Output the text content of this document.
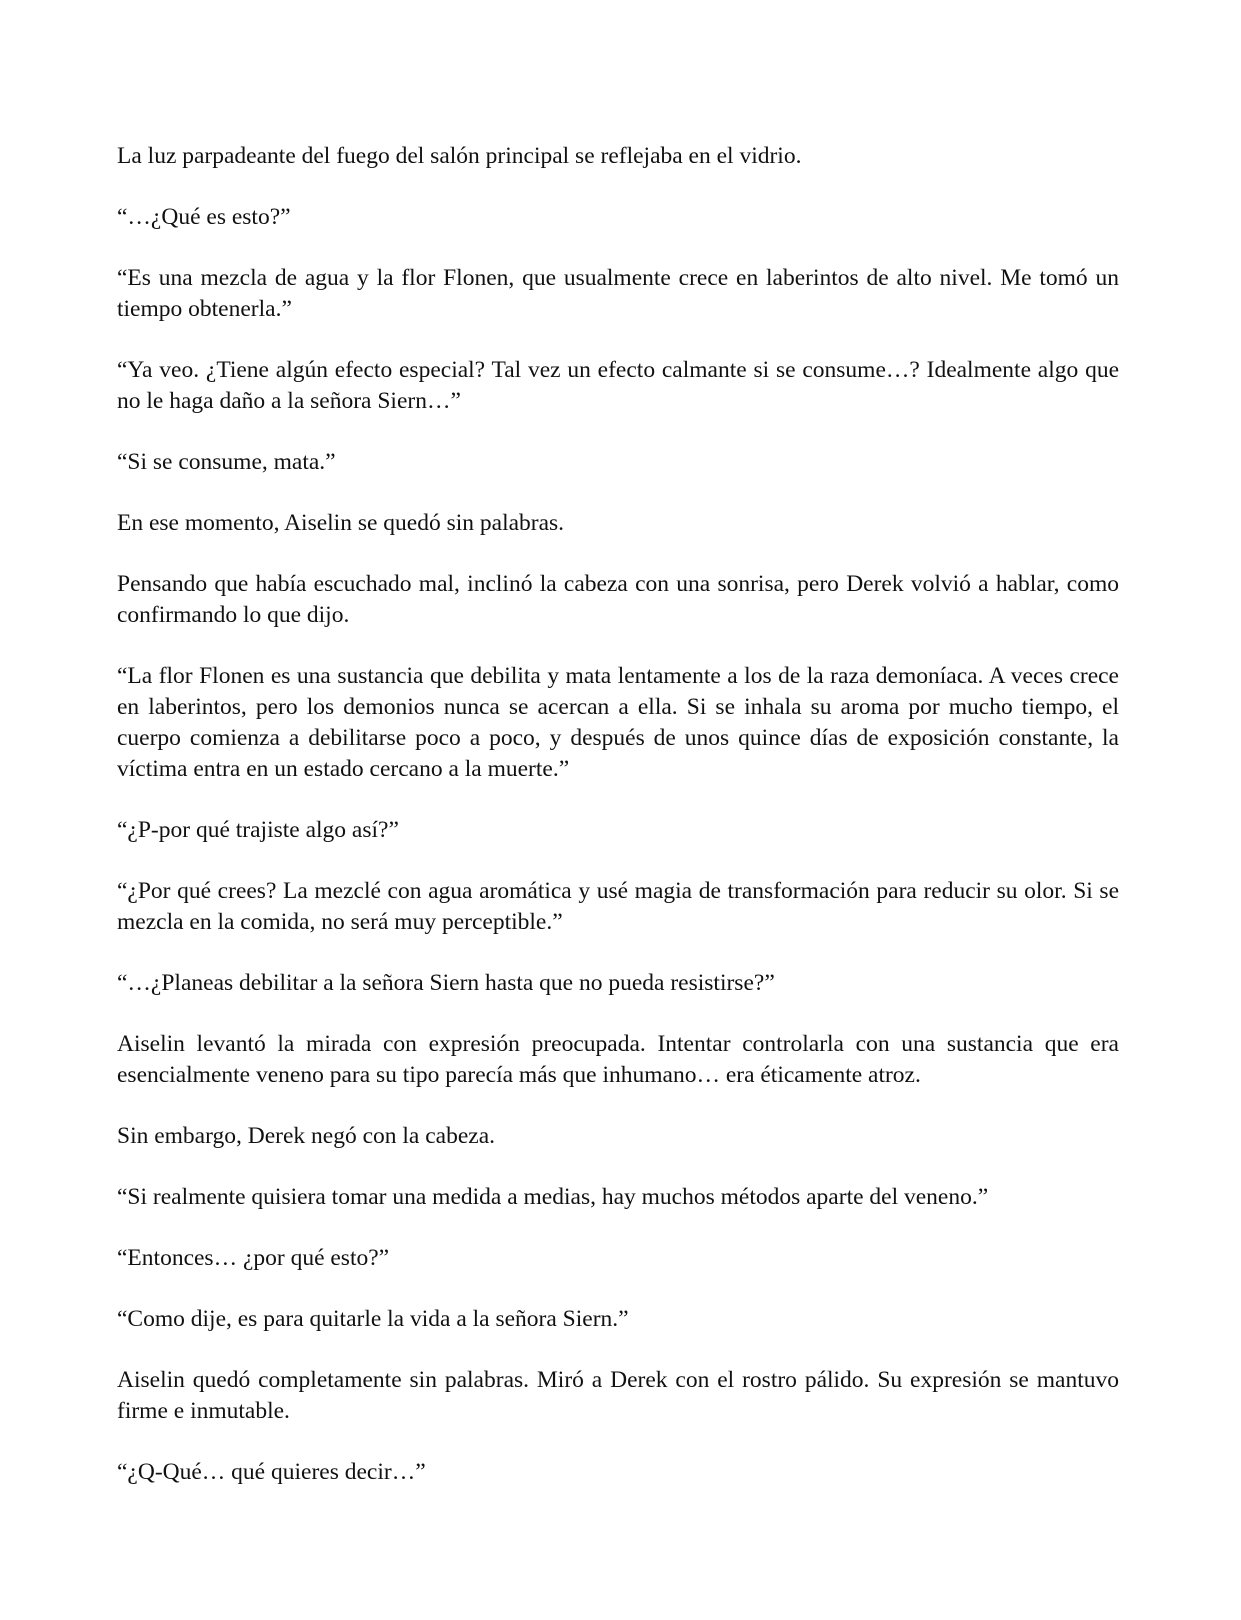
La luz parpadeante del fuego del salón principal se reflejaba en el vidrio.

“…¿Qué es esto?”

“Es una mezcla de agua y la flor Flonen, que usualmente crece en laberintos de alto nivel. Me tomó un tiempo obtenerla.”

“Ya veo. ¿Tiene algún efecto especial? Tal vez un efecto calmante si se consume…? Idealmente algo que no le haga daño a la señora Siern…”

“Si se consume, mata.”

En ese momento, Aiselin se quedó sin palabras.

Pensando que había escuchado mal, inclinó la cabeza con una sonrisa, pero Derek volvió a hablar, como confirmando lo que dijo.

“La flor Flonen es una sustancia que debilita y mata lentamente a los de la raza demoníaca. A veces crece en laberintos, pero los demonios nunca se acercan a ella. Si se inhala su aroma por mucho tiempo, el cuerpo comienza a debilitarse poco a poco, y después de unos quince días de exposición constante, la víctima entra en un estado cercano a la muerte.”

“¿P-por qué trajiste algo así?”

“¿Por qué crees? La mezclé con agua aromática y usé magia de transformación para reducir su olor. Si se mezcla en la comida, no será muy perceptible.”

“…¿Planeas debilitar a la señora Siern hasta que no pueda resistirse?”

Aiselin levantó la mirada con expresión preocupada. Intentar controlarla con una sustancia que era esencialmente veneno para su tipo parecía más que inhumano… era éticamente atroz.

Sin embargo, Derek negó con la cabeza.

“Si realmente quisiera tomar una medida a medias, hay muchos métodos aparte del veneno.”

“Entonces… ¿por qué esto?”

“Como dije, es para quitarle la vida a la señora Siern.”

Aiselin quedó completamente sin palabras. Miró a Derek con el rostro pálido. Su expresión se mantuvo firme e inmutable.

“¿Q-Qué… qué quieres decir…”
